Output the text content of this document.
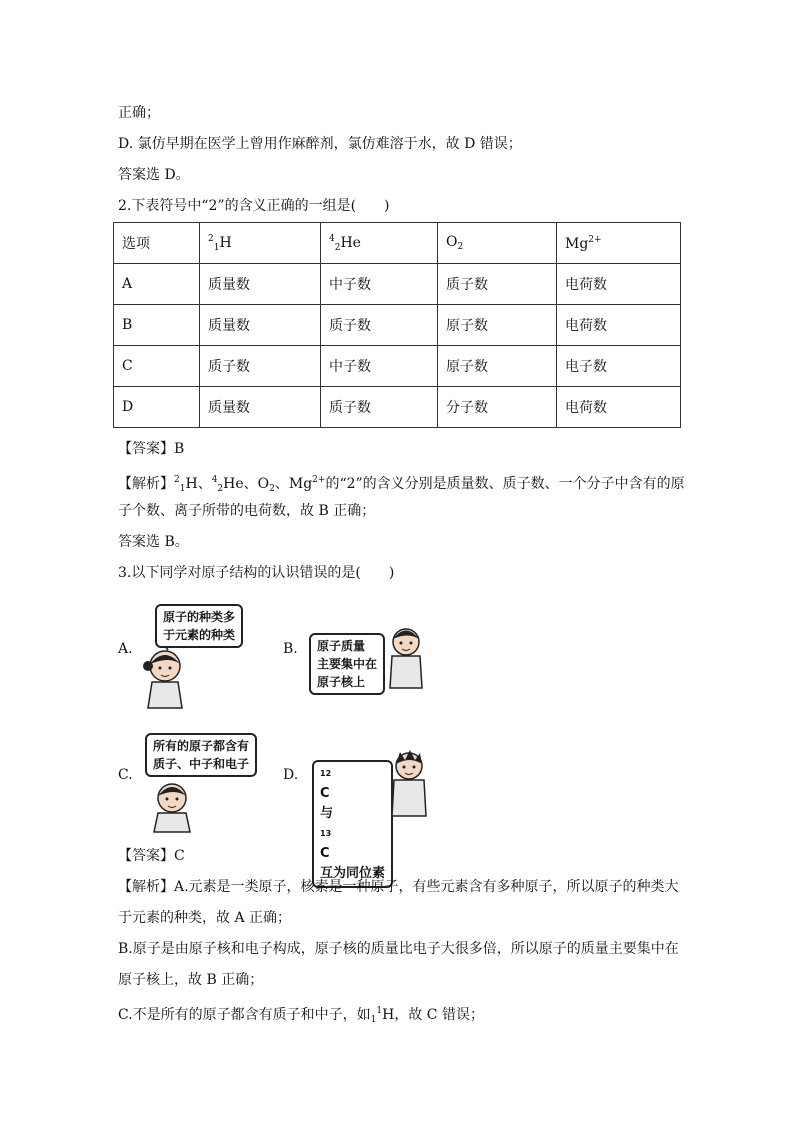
正确；
D. 氯仿早期在医学上曾用作麻醉剂，氯仿难溶于水，故 D 错误；
答案选 D。
2.下表符号中“2”的含义正确的一组是(　　)
选项	$^2_1$H	$^4_2$He	$O_2$	$Mg^{2+}$
A	质量数	中子数	质子数	电荷数
B	质量数	质子数	原子数	电荷数
C	质子数	中子数	原子数	电子数
D	质量数	质子数	分子数	电荷数
【答案】B
【解析】$^2_1$H、$^4_2$He、$O_2$、$Mg^{2+}$的“2”的含义分别是质量数、质子数、一个分子中含有的原
子个数、离子所带的电荷数，故 B 正确；
答案选 B。
3.以下同学对原子结构的认识错误的是(　　)
A.
原子的种类多
于元素的种类
B. 原子质量
主要集中在
原子核上
C.
所有的原子都含有
质子、中子和电子
D.	12
C
与
13
C
互为同位素
【答案】C
【解析】A.元素是一类原子，核素是一种原子，有些元素含有多种原子，所以原子的种类大
于元素的种类，故 A 正确；
B.原子是由原子核和电子构成，原子核的质量比电子大很多倍，所以原子的质量主要集中在
原子核上，故 B 正确；
C.不是所有的原子都含有质子和中子，如$_1^1$H，故 C 错误；
